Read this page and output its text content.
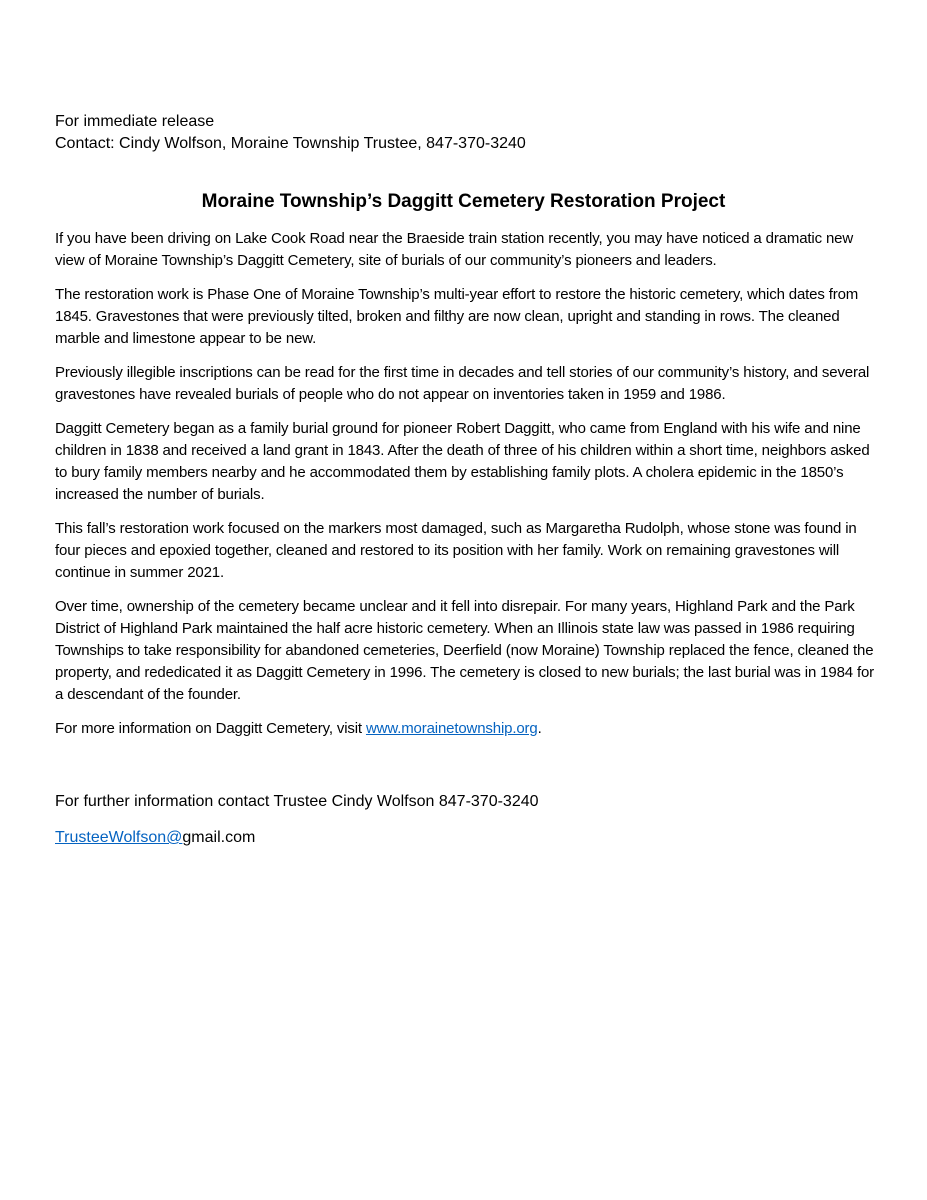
For immediate release
Contact: Cindy Wolfson, Moraine Township Trustee, 847-370-3240
Moraine Township’s Daggitt Cemetery Restoration Project

If you have been driving on Lake Cook Road near the Braeside train station recently, you may have noticed a dramatic new view of Moraine Township’s Daggitt Cemetery, site of burials of our community’s pioneers and leaders.

The restoration work is Phase One of Moraine Township’s multi-year effort to restore the historic cemetery, which dates from 1845. Gravestones that were previously tilted, broken and filthy are now clean, upright and standing in rows. The cleaned marble and limestone appear to be new.

Previously illegible inscriptions can be read for the first time in decades and tell stories of our community’s history, and several gravestones have revealed burials of people who do not appear on inventories taken in 1959 and 1986.

Daggitt Cemetery began as a family burial ground for pioneer Robert Daggitt, who came from England with his wife and nine children in 1838 and received a land grant in 1843. After the death of three of his children within a short time, neighbors asked to bury family members nearby and he accommodated them by establishing family plots. A cholera epidemic in the 1850’s increased the number of burials.

This fall’s restoration work focused on the markers most damaged, such as Margaretha Rudolph, whose stone was found in four pieces and epoxied together, cleaned and restored to its position with her family. Work on remaining gravestones will continue in summer 2021.

Over time, ownership of the cemetery became unclear and it fell into disrepair. For many years, Highland Park and the Park District of Highland Park maintained the half acre historic cemetery. When an Illinois state law was passed in 1986 requiring Townships to take responsibility for abandoned cemeteries, Deerfield (now Moraine) Township replaced the fence, cleaned the property, and rededicated it as Daggitt Cemetery in 1996. The cemetery is closed to new burials; the last burial was in 1984 for a descendant of the founder.

For more information on Daggitt Cemetery, visit www.morainetownship.org.

For further information contact Trustee Cindy Wolfson 847-370-3240

TrusteeWolfson@gmail.com
